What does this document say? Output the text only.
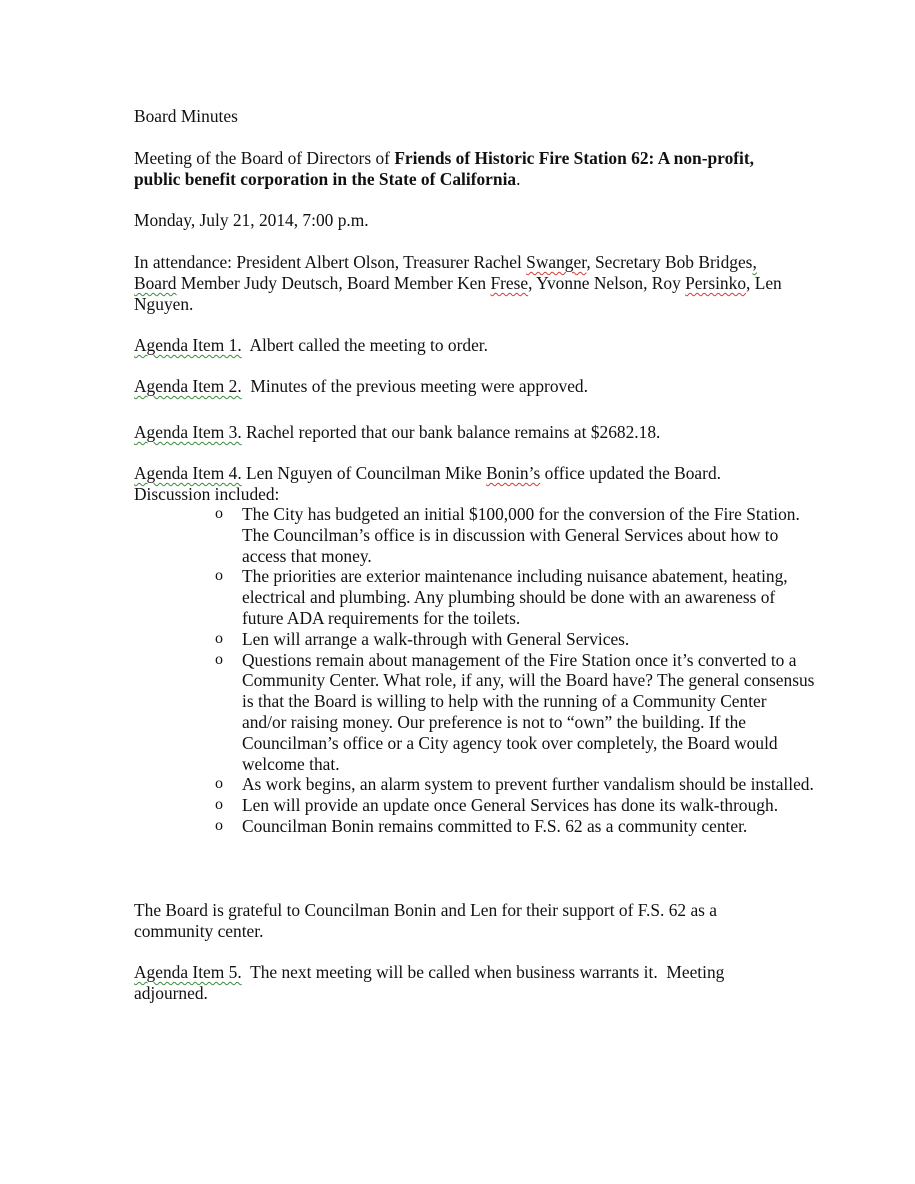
Board Minutes

Meeting of the Board of Directors of Friends of Historic Fire Station 62: A non-profit, public benefit corporation in the State of California.

Monday, July 21, 2014, 7:00 p.m.

In attendance: President Albert Olson, Treasurer Rachel Swanger, Secretary Bob Bridges, Board Member Judy Deutsch, Board Member Ken Frese, Yvonne Nelson, Roy Persinko, Len Nguyen.

Agenda Item 1.  Albert called the meeting to order.

Agenda Item 2.  Minutes of the previous meeting were approved.

Agenda Item 3. Rachel reported that our bank balance remains at $2682.18.

Agenda Item 4. Len Nguyen of Councilman Mike Bonin’s office updated the Board. Discussion included:

o The City has budgeted an initial $100,000 for the conversion of the Fire Station. The Councilman’s office is in discussion with General Services about how to access that money.
o The priorities are exterior maintenance including nuisance abatement, heating, electrical and plumbing. Any plumbing should be done with an awareness of future ADA requirements for the toilets.
o Len will arrange a walk-through with General Services.
o Questions remain about management of the Fire Station once it’s converted to a Community Center. What role, if any, will the Board have? The general consensus is that the Board is willing to help with the running of a Community Center and/or raising money. Our preference is not to “own” the building. If the Councilman’s office or a City agency took over completely, the Board would welcome that.
o As work begins, an alarm system to prevent further vandalism should be installed.
o Len will provide an update once General Services has done its walk-through.
o Councilman Bonin remains committed to F.S. 62 as a community center.

The Board is grateful to Councilman Bonin and Len for their support of F.S. 62 as a community center.

Agenda Item 5.  The next meeting will be called when business warrants it.  Meeting adjourned.
